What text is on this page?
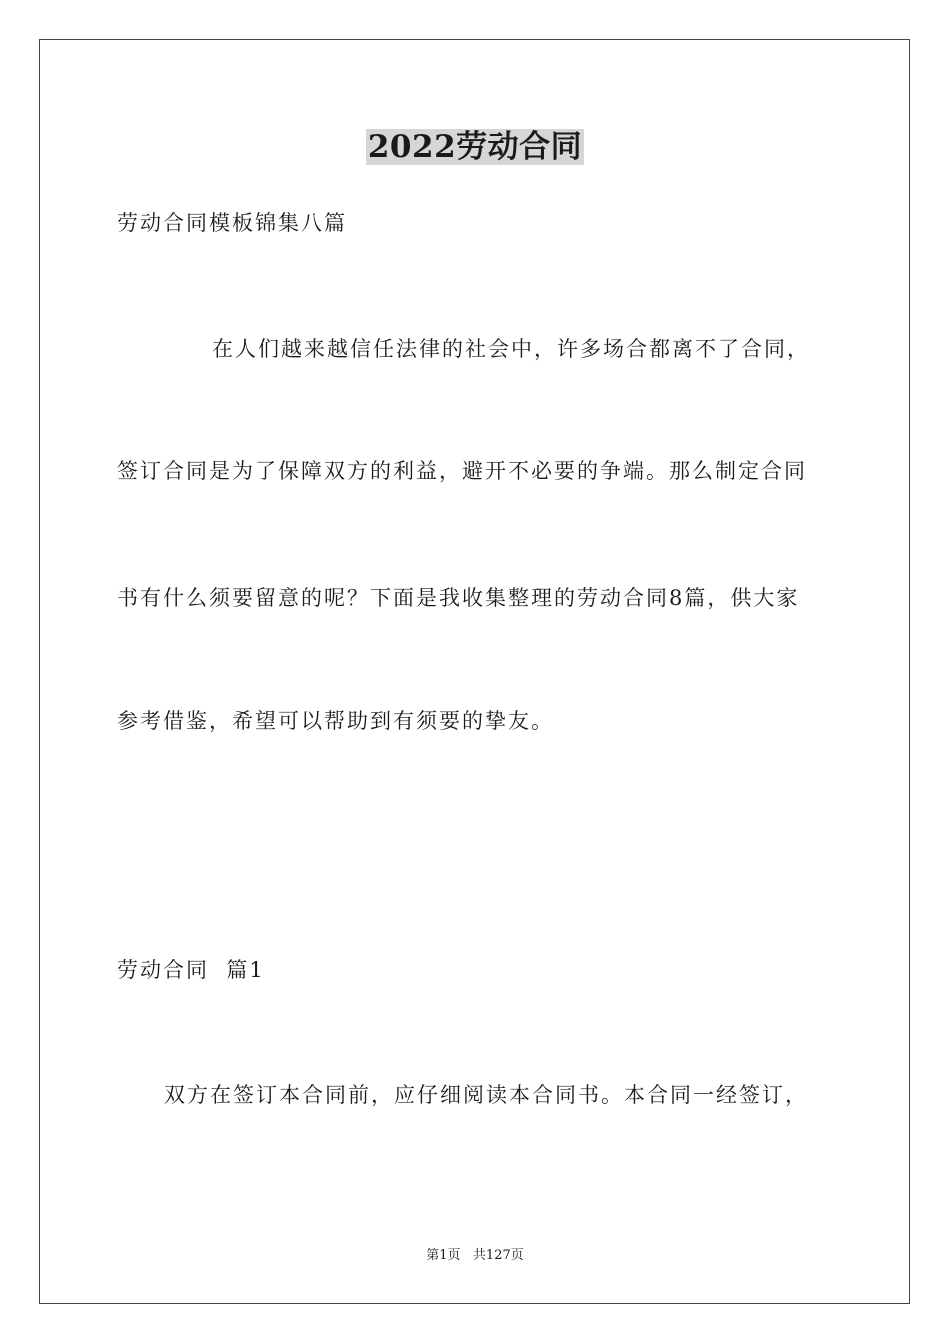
2022劳动合同

劳动合同模板锦集八篇

在人们越来越信任法律的社会中，许多场合都离不了合同，

签订合同是为了保障双方的利益，避开不必要的争端。那么制定合同

书有什么须要留意的呢？下面是我收集整理的劳动合同8篇，供大家

参考借鉴，希望可以帮助到有须要的挚友。

劳动合同  篇1

双方在签订本合同前，应仔细阅读本合同书。本合同一经签订，

第1页   共127页
